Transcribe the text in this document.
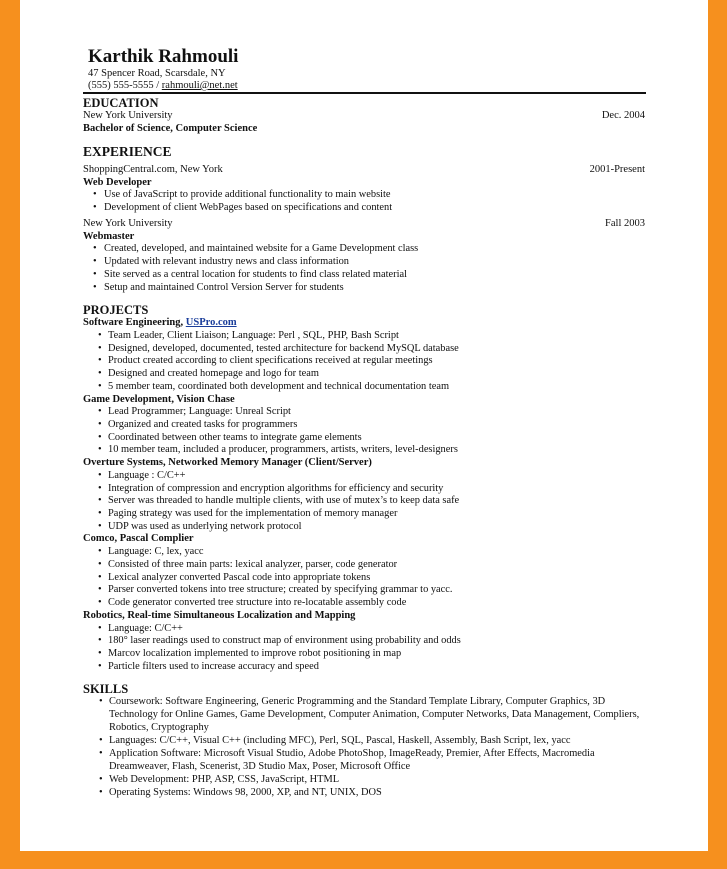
Karthik Rahmouli
47 Spencer Road, Scarsdale, NY
(555) 555-5555 / rahmouli@net.net
EDUCATION
New York University	Dec. 2004
Bachelor of Science, Computer Science
EXPERIENCE
ShoppingCentral.com, New York	2001-Present
Web Developer
• Use of JavaScript to provide additional functionality to main website
• Development of client WebPages based on specifications and content
New York University	Fall 2003
Webmaster
• Created, developed, and maintained website for a Game Development class
• Updated with relevant industry news and class information
• Site served as a central location for students to find class related material
• Setup and maintained Control Version Server for students
PROJECTS
Software Engineering, USPro.com
• Team Leader, Client Liaison; Language: Perl , SQL, PHP, Bash Script
• Designed, developed, documented, tested architecture for backend MySQL database
• Product created according to client specifications received at regular meetings
• Designed and created homepage and logo for team
• 5 member team, coordinated both development and technical documentation team
Game Development, Vision Chase
• Lead Programmer; Language: Unreal Script
• Organized and created tasks for programmers
• Coordinated between other teams to integrate game elements
• 10 member team, included a producer, programmers, artists, writers, level-designers
Overture Systems, Networked Memory Manager (Client/Server)
• Language : C/C++
• Integration of compression and encryption algorithms for efficiency and security
• Server was threaded to handle multiple clients, with use of mutex’s to keep data safe
• Paging strategy was used for the implementation of memory manager
• UDP was used as underlying network protocol
Comco, Pascal Complier
• Language: C, lex, yacc
• Consisted of three main parts: lexical analyzer, parser, code generator
• Lexical analyzer converted Pascal code into appropriate tokens
• Parser converted tokens into tree structure; created by specifying grammar to yacc.
• Code generator converted tree structure into re-locatable assembly code
Robotics, Real-time Simultaneous Localization and Mapping
• Language: C/C++
• 180° laser readings used to construct map of environment using probability and odds
• Marcov localization implemented to improve robot positioning in map
• Particle filters used to increase accuracy and speed
SKILLS
• Coursework: Software Engineering, Generic Programming and the Standard Template Library, Computer Graphics, 3D Technology for Online Games, Game Development, Computer Animation, Computer Networks, Data Management, Compliers, Robotics, Cryptography
• Languages: C/C++, Visual C++ (including MFC), Perl, SQL, Pascal, Haskell, Assembly, Bash Script, lex, yacc
• Application Software: Microsoft Visual Studio, Adobe PhotoShop, ImageReady, Premier, After Effects, Macromedia Dreamweaver, Flash, Scenerist, 3D Studio Max, Poser, Microsoft Office
• Web Development: PHP, ASP, CSS, JavaScript, HTML
• Operating Systems: Windows 98, 2000, XP, and NT, UNIX, DOS
